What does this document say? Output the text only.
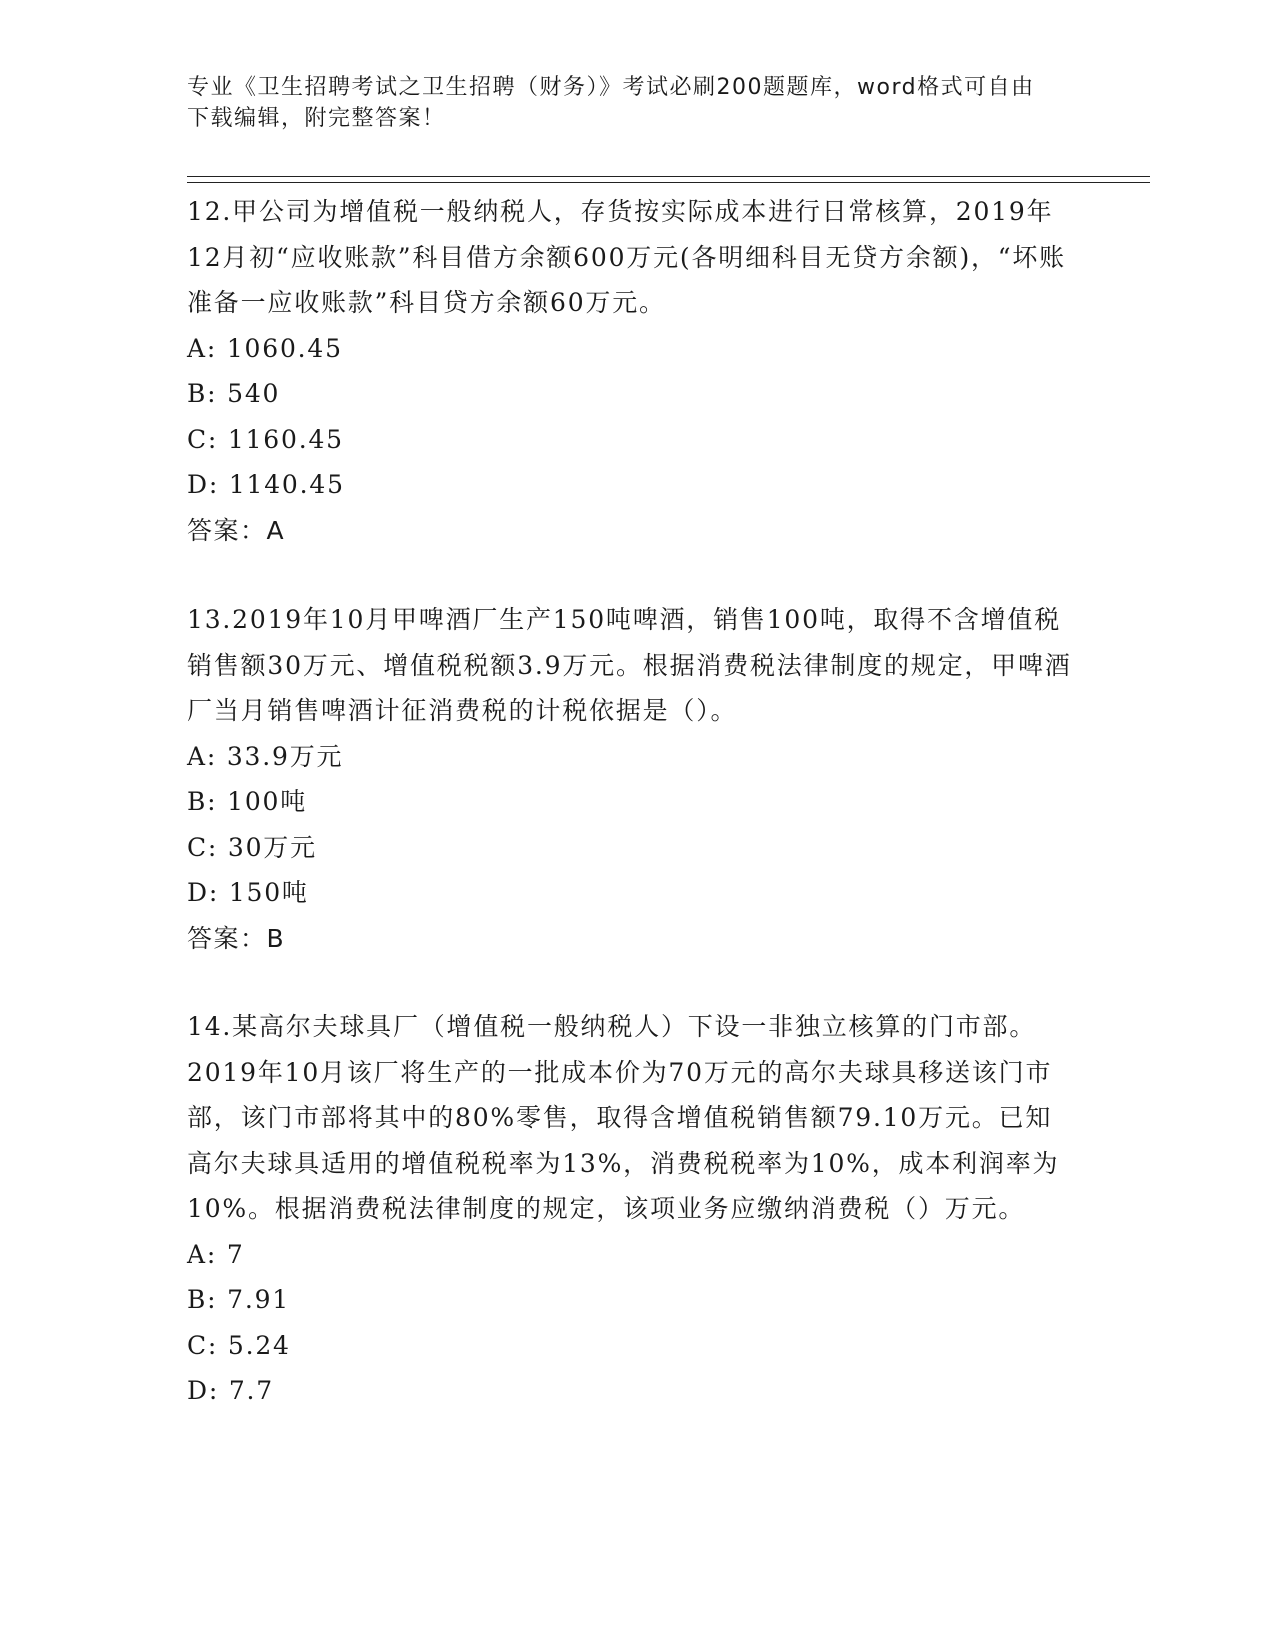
专业《卫生招聘考试之卫生招聘（财务）》考试必刷200题题库，word格式可自由下载编辑，附完整答案！

12.甲公司为增值税一般纳税人，存货按实际成本进行日常核算，2019年12月初“应收账款”科目借方余额600万元(各明细科目无贷方余额)，“坏账准备一应收账款”科目贷方余额60万元。

A: 1060.45
B: 540
C: 1160.45
D: 1140.45
答案：A

13.2019年10月甲啤酒厂生产150吨啤酒，销售100吨，取得不含增值税销售额30万元、增值税税额3.9万元。根据消费税法律制度的规定，甲啤酒厂当月销售啤酒计征消费税的计税依据是（）。

A: 33.9万元
B: 100吨
C: 30万元
D: 150吨
答案：B

14.某高尔夫球具厂（增值税一般纳税人）下设一非独立核算的门市部。2019年10月该厂将生产的一批成本价为70万元的高尔夫球具移送该门市部，该门市部将其中的80%零售，取得含增值税销售额79.10万元。已知高尔夫球具适用的增值税税率为13%，消费税税率为10%，成本利润率为10%。根据消费税法律制度的规定，该项业务应缴纳消费税（）万元。

A: 7
B: 7.91
C: 5.24
D: 7.7
